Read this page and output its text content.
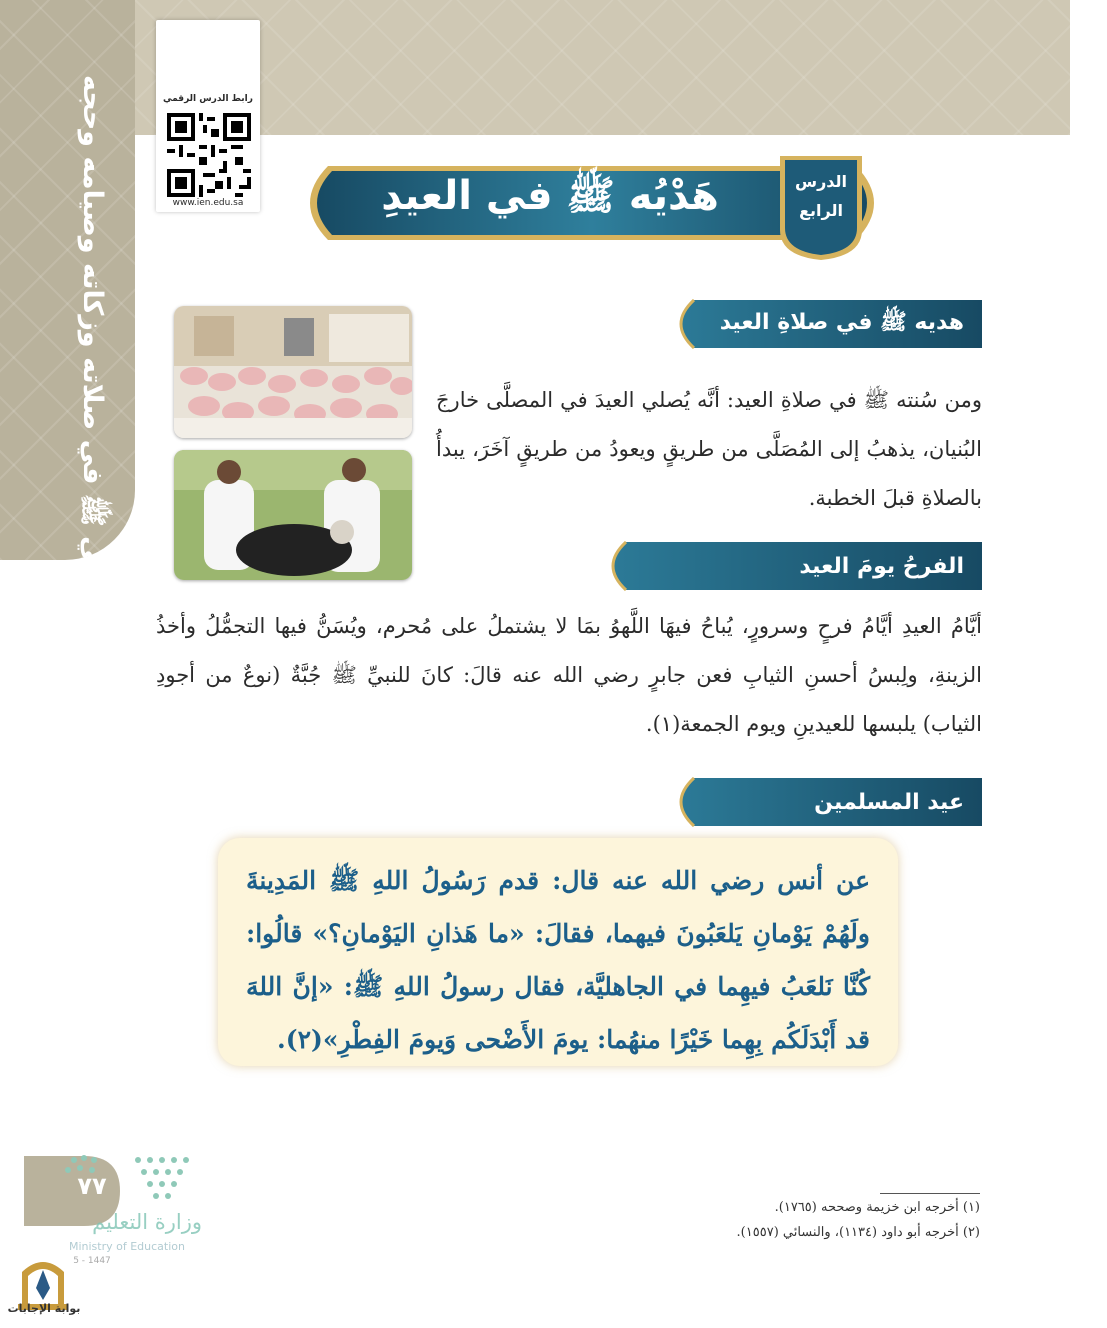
النبي ﷺ في صلاته وزكاته وصيامه وحجه	رابط الدرس الرقمي
www.ien.edu.sa	هَدْيُه ﷺ في العيدِ	الدرس
الرابع
هديه ﷺ في صلاةِ العيد
ومن سُنته ﷺ في صلاةِ العيد: أنَّه يُصلي العيدَ في المصلَّى خارجَ البُنيان، يذهبُ إلى المُصَلَّى من طريقٍ ويعودُ من طريقٍ آخَرَ، يبدأُ بالصلاةِ قبلَ الخطبة.
الفرحُ يومَ العيد
أيَّامُ العيدِ أيَّامُ فرحٍ وسرورٍ، يُباحُ فيهَا اللَّهوُ بمَا لا يشتملُ على مُحرم، ويُسَنُّ فيها التجمُّلُ وأخذُ الزينةِ، ولِبسُ أحسنِ الثيابِ فعن جابرٍ رضي الله عنه قالَ: كانَ للنبيِّ ﷺ جُبَّةٌ (نوعٌ من أجودِ الثياب) يلبسها للعيدينِ ويوم الجمعة(١).
عيد المسلمين
عن أنس رضي الله عنه قال: قدم رَسُولُ اللهِ ﷺ المَدِينةَ ولَهُمْ يَوْمانِ يَلعَبُونَ فيهما، فقالَ: «ما هَذانِ اليَوْمانِ؟» قالُوا: كُنَّا نَلعَبُ فيهِما في الجاهليَّة، فقال رسولُ اللهِ ﷺ: «إنَّ اللهَ قد أَبْدَلَكُم بِهِما خَيْرًا منهُما: يومَ الأَضْحى وَيومَ الفِطْرِ»(٢).
(١) أخرجه ابن خزيمة وصححه (١٧٦٥).
(٢) أخرجه أبو داود (١١٣٤)، والنسائي (١٥٥٧).
٧٧
وزارة التعليم
Ministry of Education
5 - 1447
بوابة الإجابات
